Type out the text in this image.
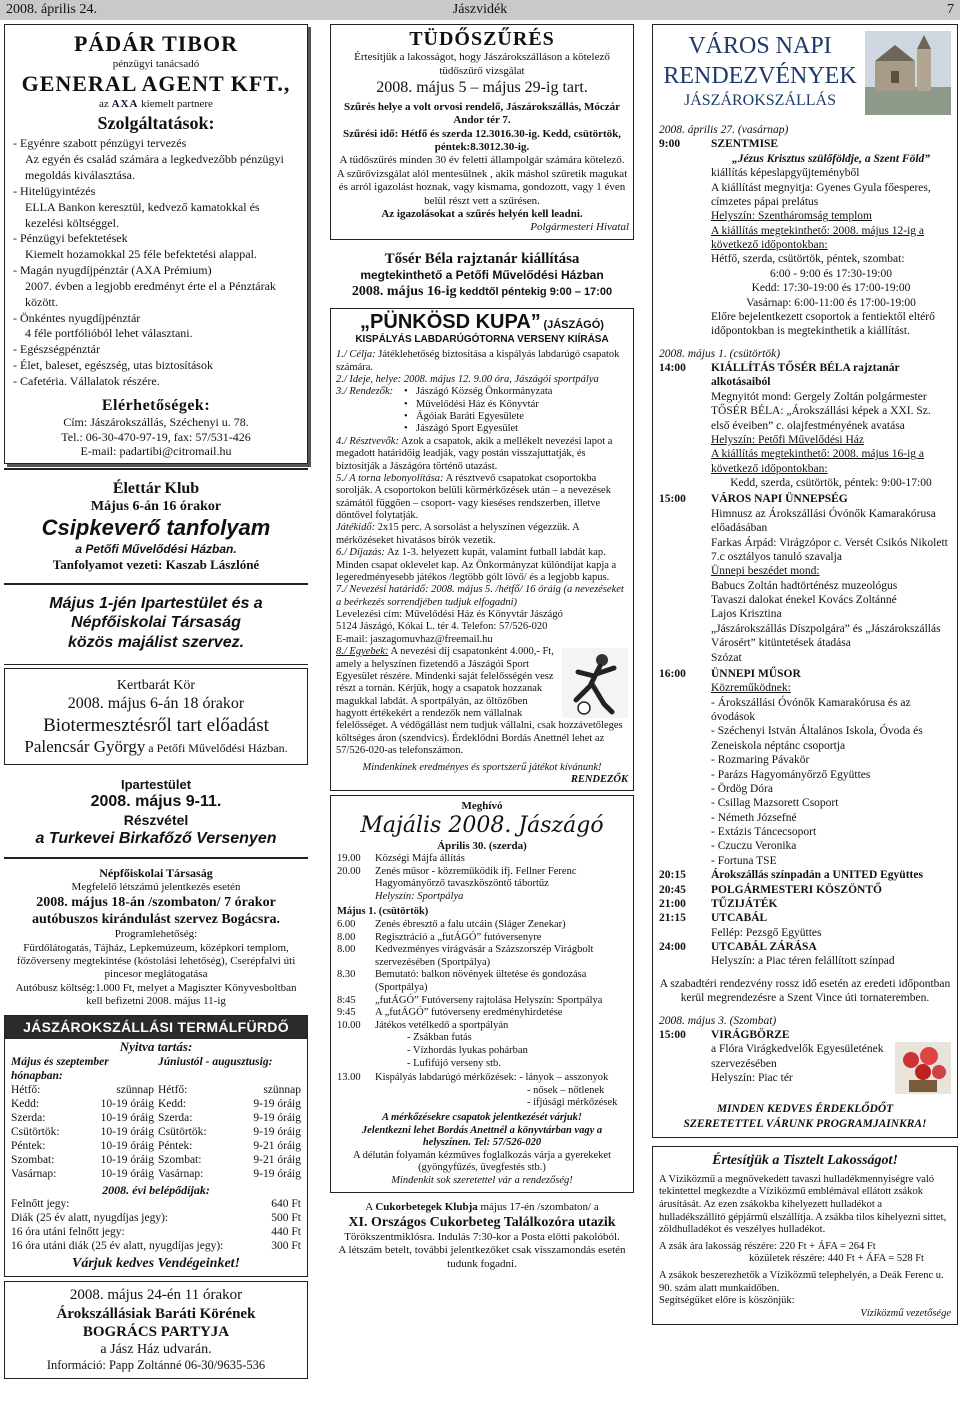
2008. április 24.	Jászvidék	7
PÁDÁR TIBOR
pénzügyi tanácsadó
GENERAL AGENT KFT.,
az AXA kiemelt partnere
Szolgáltatások:
- Egyénre szabott pénzügyi tervezés
Az egyén és család számára a legkedvezőbb pénzügyi megoldás kiválasztása.
- Hitelügyintézés
ELLA Bankon keresztül, kedvező kamatokkal és kezelési költséggel.
- Pénzügyi befektetések
Kiemelt hozamokkal 25 féle befektetési alappal.
- Magán nyugdíjpénztár (AXA Prémium)
2007. évben a legjobb eredményt érte el a Pénztárak között.
- Önkéntes nyugdíjpénztár
4 féle portfólióból lehet választani.
- Egészségpénztár
- Élet, baleset, egészség, utas biztosítások
- Cafetéria. Vállalatok részére.
Elérhetőségek:
Cím: Jászárokszállás, Széchenyi u. 78.
Tel.: 06-30-470-97-19, fax: 57/531-426
E-mail: padartibi@citromail.hu
Élettár Klub
Május 6-án 16 órakor
Csipkeverő tanfolyam
a Petőfi Művelődési Házban.
Tanfolyamot vezeti: Kaszab Lászlóné
Május 1-jén Ipartestület és a
Népfőiskolai Társaság
közös majálist szervez.
Kertbarát Kör
2008. május 6-án 18 órakor
Biotermesztésről tart előadást
Palencsár György a Petőfi Művelődési Házban.
Ipartestület
2008. május 9-11.
Részvétel
a Turkevei Birkafőző Versenyen
Népfőiskolai Társaság
Megfelelő létszámú jelentkezés esetén
2008. május 18-án /szombaton/ 7 órakor
autóbuszos kirándulást szervez Bogácsra.
Programlehetőség:
Fürdőlátogatás, Tájház, Lepkemúzeum, középkori templom, főzőverseny megtekintése (kóstolási lehetőség), Cserépfalvi úti pincesor meglátogatása
Autóbusz költség:1.000 Ft, melyet a Magiszter Könyvesboltban kell befizetni 2008. május 11-ig
JÁSZÁROKSZÁLLÁSI TERMÁLFÜRDŐ
Nyitva tartás:
Május és szeptember hónapban:
Júniustól - augusztusig:
Hétfő:	szünnap
Kedd:	10-19 óráig
Szerda:	10-19 óráig
Csütörtök:	10-19 óráig
Péntek:	10-19 óráig
Szombat:	10-19 óráig
Vasárnap:	10-19 óráig
Hétfő:	szünnap
Kedd:	9-19 óráig
Szerda:	9-19 óráig
Csütörtök:	9-19 óráig
Péntek:	9-21 óráig
Szombat:	9-21 óráig
Vasárnap:	9-19 óráig
2008. évi belépődíjak:
Felnőtt jegy:	640 Ft
Diák (25 év alatt, nyugdíjas jegy):	500 Ft
16 óra utáni felnőtt jegy:	440 Ft
16 óra utáni diák (25 év alatt, nyugdíjas jegy):	300 Ft
Várjuk kedves Vendégeinket!
2008. május 24-én 11 órakor
Árokszállásiak Baráti Körének
BOGRÁCS PARTYJA
a Jász Ház udvarán.
Információ: Papp Zoltánné 06-30/9635-536
TÜDŐSZŰRÉS
Értesítjük a lakosságot, hogy Jászárokszálláson a kötelező tüdőszűrő vizsgálat
2008. május 5 – május 29-ig tart.
Szűrés helye a volt orvosi rendelő, Jászárokszállás, Móczár Andor tér 7.
Szűrési idő: Hétfő és szerda 12.3016.30-ig. Kedd, csütörtök, péntek:8.3012.30-ig.
A tüdőszűrés minden 30 év feletti állampolgár számára kötelező.
A szűrővizsgálat alól mentesülnek , akik máshol szűretik magukat és arról igazolást hoznak, vagy kismama, gondozott, vagy 1 éven belül részt vett a szűrésen.
Az igazolásokat a szűrés helyén kell leadni.
Polgármesteri Hivatal
Tősér Béla rajztanár kiállítása
megtekinthető a Petőfi Művelődési Házban
2008. május 16-ig keddtől péntekig 9:00 – 17:00
„PÜNKÖSD KUPA” (JÁSZÁGÓ)
KISPÁLYÁS LABDARÚGÓTORNA VERSENY KIÍRÁSA
1./ Célja: Játéklehetőség biztosítása a kispályás labdarúgó csapatok számára.
2./ Ideje, helye: 2008. május 12. 9.00 óra, Jászágói sportpálya
3./ Rendezők:
•	Jászágó Község Önkormányzata
• Művelődési Ház és Könyvtár
• Ágóiak Baráti Egyesülete
• Jászágó Sport Egyesület
4./ Résztvevők: Azok a csapatok, akik a mellékelt nevezési lapot a megadott határidőig leadják, vagy postán visszajuttatják, és biztosítják a Jászágóra történő utazást.
5./ A torna lebonyolítása: A résztvevő csapatokat csoportokba sorolják. A csoportokon belüli körmérkőzések után – a nevezések számától függően – csoport- vagy kieséses rendszerben, illetve döntővel folytatják.
Játékidő: 2x15 perc. A sorsolást a helyszínen végezzük. A mérkőzéseket hivatásos bírók vezetik.
6./ Díjazás: Az 1-3. helyezett kupát, valamint futball labdát kap. Minden csapat oklevelet kap. Az Önkormányzat különdíjat kapja a legeredményesebb játékos /legtöbb gólt lövő/ és a legjobb kapus.
7./ Nevezési határidő: 2008. május 5. /hétfő/ 16 óráig (a nevezéseket a beérkezés sorrendjében tudjuk elfogadni)
Levelezési cím: Művelődési Ház és Könyvtár Jászágó
5124 Jászágó, Kókai L. tér 4. Telefon: 57/526-020
E-mail: jaszagomuvhaz@freemail.hu
8./ Egyebek: A nevezési díj csapatonként 4.000,- Ft, amely a helyszínen fizetendő a Jászágói Sport Egyesület részére. Mindenki saját felelősségén vesz részt a tornán. Kérjük, hogy a csapatok hozzanak magukkal labdát. A sportpályán, az öltözőben hagyott értékekért a rendezők nem vállalnak felelősséget. A védőgállást nem tudjuk vállalni, csak hozzávetőleges költséges áron (szendvics). Érdeklődni Bordás Anettnél lehet az 57/526-020-as telefonszámon.
Mindenkinek eredményes és sportszerű játékot kívánunk!
RENDEZŐK
Meghívó
Majális 2008. Jászágó
Április 30. (szerda)
19.00	Községi Májfa állítás
20.00	Zenés műsor - közreműködik ifj. Fellner Ferenc Hagyományőrző tavaszköszöntő tábortűz
Helyszín: Sportpálya
Május 1. (csütörtök)
6.00	Zenés ébresztő a falu utcáin (Sláger Zenekar)
8.00	Regisztráció a „futÁGÓ” futóversenyre
8.00	Kedvezményes virágvásár a Százszorszép Virágbolt szervezésében (Sportpálya)
8.30	Bemutató: balkon növények ültetése és gondozása (Sportpálya)
8:45	„futÁGÓ” Futóverseny rajtolása Helyszín: Sportpálya
9:45	A „futÁGÓ” futóverseny eredményhirdetése
10.00	Játékos vetélkedő a sportpályán
- Zsákban futás
- Vízhordás lyukas pohárban
- Lufifújó verseny stb.
13.00	Kispályás labdarúgó mérkőzések: - lányok – asszonyok
- nősek – nőtlenek
- ifjúsági mérkőzések
A mérkőzésekre csapatok jelentkezését várjuk!
Jelentkezni lehet Bordás Anettnél a könyvtárban vagy a helyszínen. Tel: 57/526-020
A délután folyamán kézműves foglalkozás várja a gyerekeket (gyöngyfűzés, üvegfestés stb.)
Mindenkit sok szeretettel vár a rendezőség!
A Cukorbetegek Klubja május 17-én /szombaton/ a
XI. Országos Cukorbeteg Találkozóra utazik
Törökszentmiklósra. Indulás 7:30-kor a Posta előtti pakolóból.
A létszám betelt, további jelentkezőket csak visszamondás esetén tudunk fogadni.
VÁROS NAPI
RENDEZVÉNYEK
JÁSZÁROKSZÁLLÁS
2008. április 27. (vasárnap)
9:00	SZENTMISE
„Jézus Krisztus szülőföldje, a Szent Föld”
kiállítás képeslapgyűjteményből
A kiállítást megnyitja: Gyenes Gyula főesperes, címzetes pápai prelátus
Helyszín: Szentháromság templom
A kiállítás megtekinthető: 2008. május 12-ig a következő időpontokban:
Hétfő, szerda, csütörtök, péntek, szombat:
6:00 - 9:00 és 17:30-19:00
Kedd: 17:30-19:00 és 17:00-19:00
Vasárnap: 6:00-11:00 és 17:00-19:00
Előre bejelentkezett csoportok a fentiektől eltérő időpontokban is megtekinthetik a kiállítást.
2008. május 1. (csütörtök)
14:00	KIÁLLÍTÁS TŐSÉR BÉLA rajztanár alkotásaiból
Megnyitót mond: Gergely Zoltán polgármester
TŐSÉR BÉLA: „Árokszállási képek a XXI. Sz. első éveiben” c. olajfestményének avatása
Helyszín: Petőfi Művelődési Ház
A kiállítás megtekinthető: 2008. május 16-ig a következő időpontokban:
Kedd, szerda, csütörtök, péntek: 9:00-17:00
15:00	VÁROS NAPI ÜNNEPSÉG
Himnusz az Árokszállási Óvónők Kamarakórusa előadásában
Farkas Árpád: Virágzópor c. Versét Csikós Nikolett 7.c osztályos tanuló szavalja
Ünnepi beszédet mond:
Babucs Zoltán hadtörténész muzeológus
Tavaszi dalokat énekel Kovács Zoltánné
Lajos Krisztina
„Jászárokszállás Díszpolgára” és „Jászárokszállás Városért” kitüntetések átadása
Szózat
16:00	ÜNNEPI MŰSOR
Közreműködnek:
- Árokszállási Óvónők Kamarakórusa és az óvodások
- Széchenyi István Általános Iskola, Óvoda és Zeneiskola néptánc csoportja
- Rozmaring Pávakör
- Parázs Hagyományőrző Együttes
- Ördög Dóra
- Csillag Mazsorett Csoport
- Németh Józsefné
- Extázis Táncecsoport
- Czuczu Veronika
- Fortuna TSE
20:15	Árokszállás színpadán a UNITED Együttes
20:45	POLGÁRMESTERI KÖSZÖNTŐ
21:00	TŰZIJÁTÉK
21:15	UTCABÁL
Fellép: Pezsgő Együttes
24:00	UTCABÁL ZÁRÁSA
Helyszín: a Piac téren felállított színpad
A szabadtéri rendezvény rossz idő esetén az eredeti időpontban kerül megrendezésre a Szent Vince úti tornateremben.
2008. május 3. (Szombat)
15:00	VIRÁGBÖRZE
a Flóra Virágkedvelők Egyesületének szervezésében
Helyszín: Piac tér
MINDEN KEDVES ÉRDEKLŐDŐT
SZERETETTEL VÁRUNK PROGRAMJAINKRA!
Értesítjük a Tisztelt Lakosságot!
A Víziközmű a megnövekedett tavaszi hulladékmennyiségre való tekintettel megkezdte a Víziközmű emblémával ellátott zsákok árusítását. Az ezen zsákokba kihelyezett hulladékot a hulladékszállító gépjármű elszállítja. A zsákba tilos kihelyezni sittet, zöldhulladékot és veszélyes hulladékot.
A zsák ára lakosság részére: 220 Ft + ÁFA = 264 Ft
közületek részére: 440 Ft + ÁFA = 528 Ft
A zsákok beszerezhetők a Víziközmű telephelyén, a Deák Ferenc u. 90. szám alatt munkaidőben.
Segítségüket előre is köszönjük:
Víziközmű vezetősége
